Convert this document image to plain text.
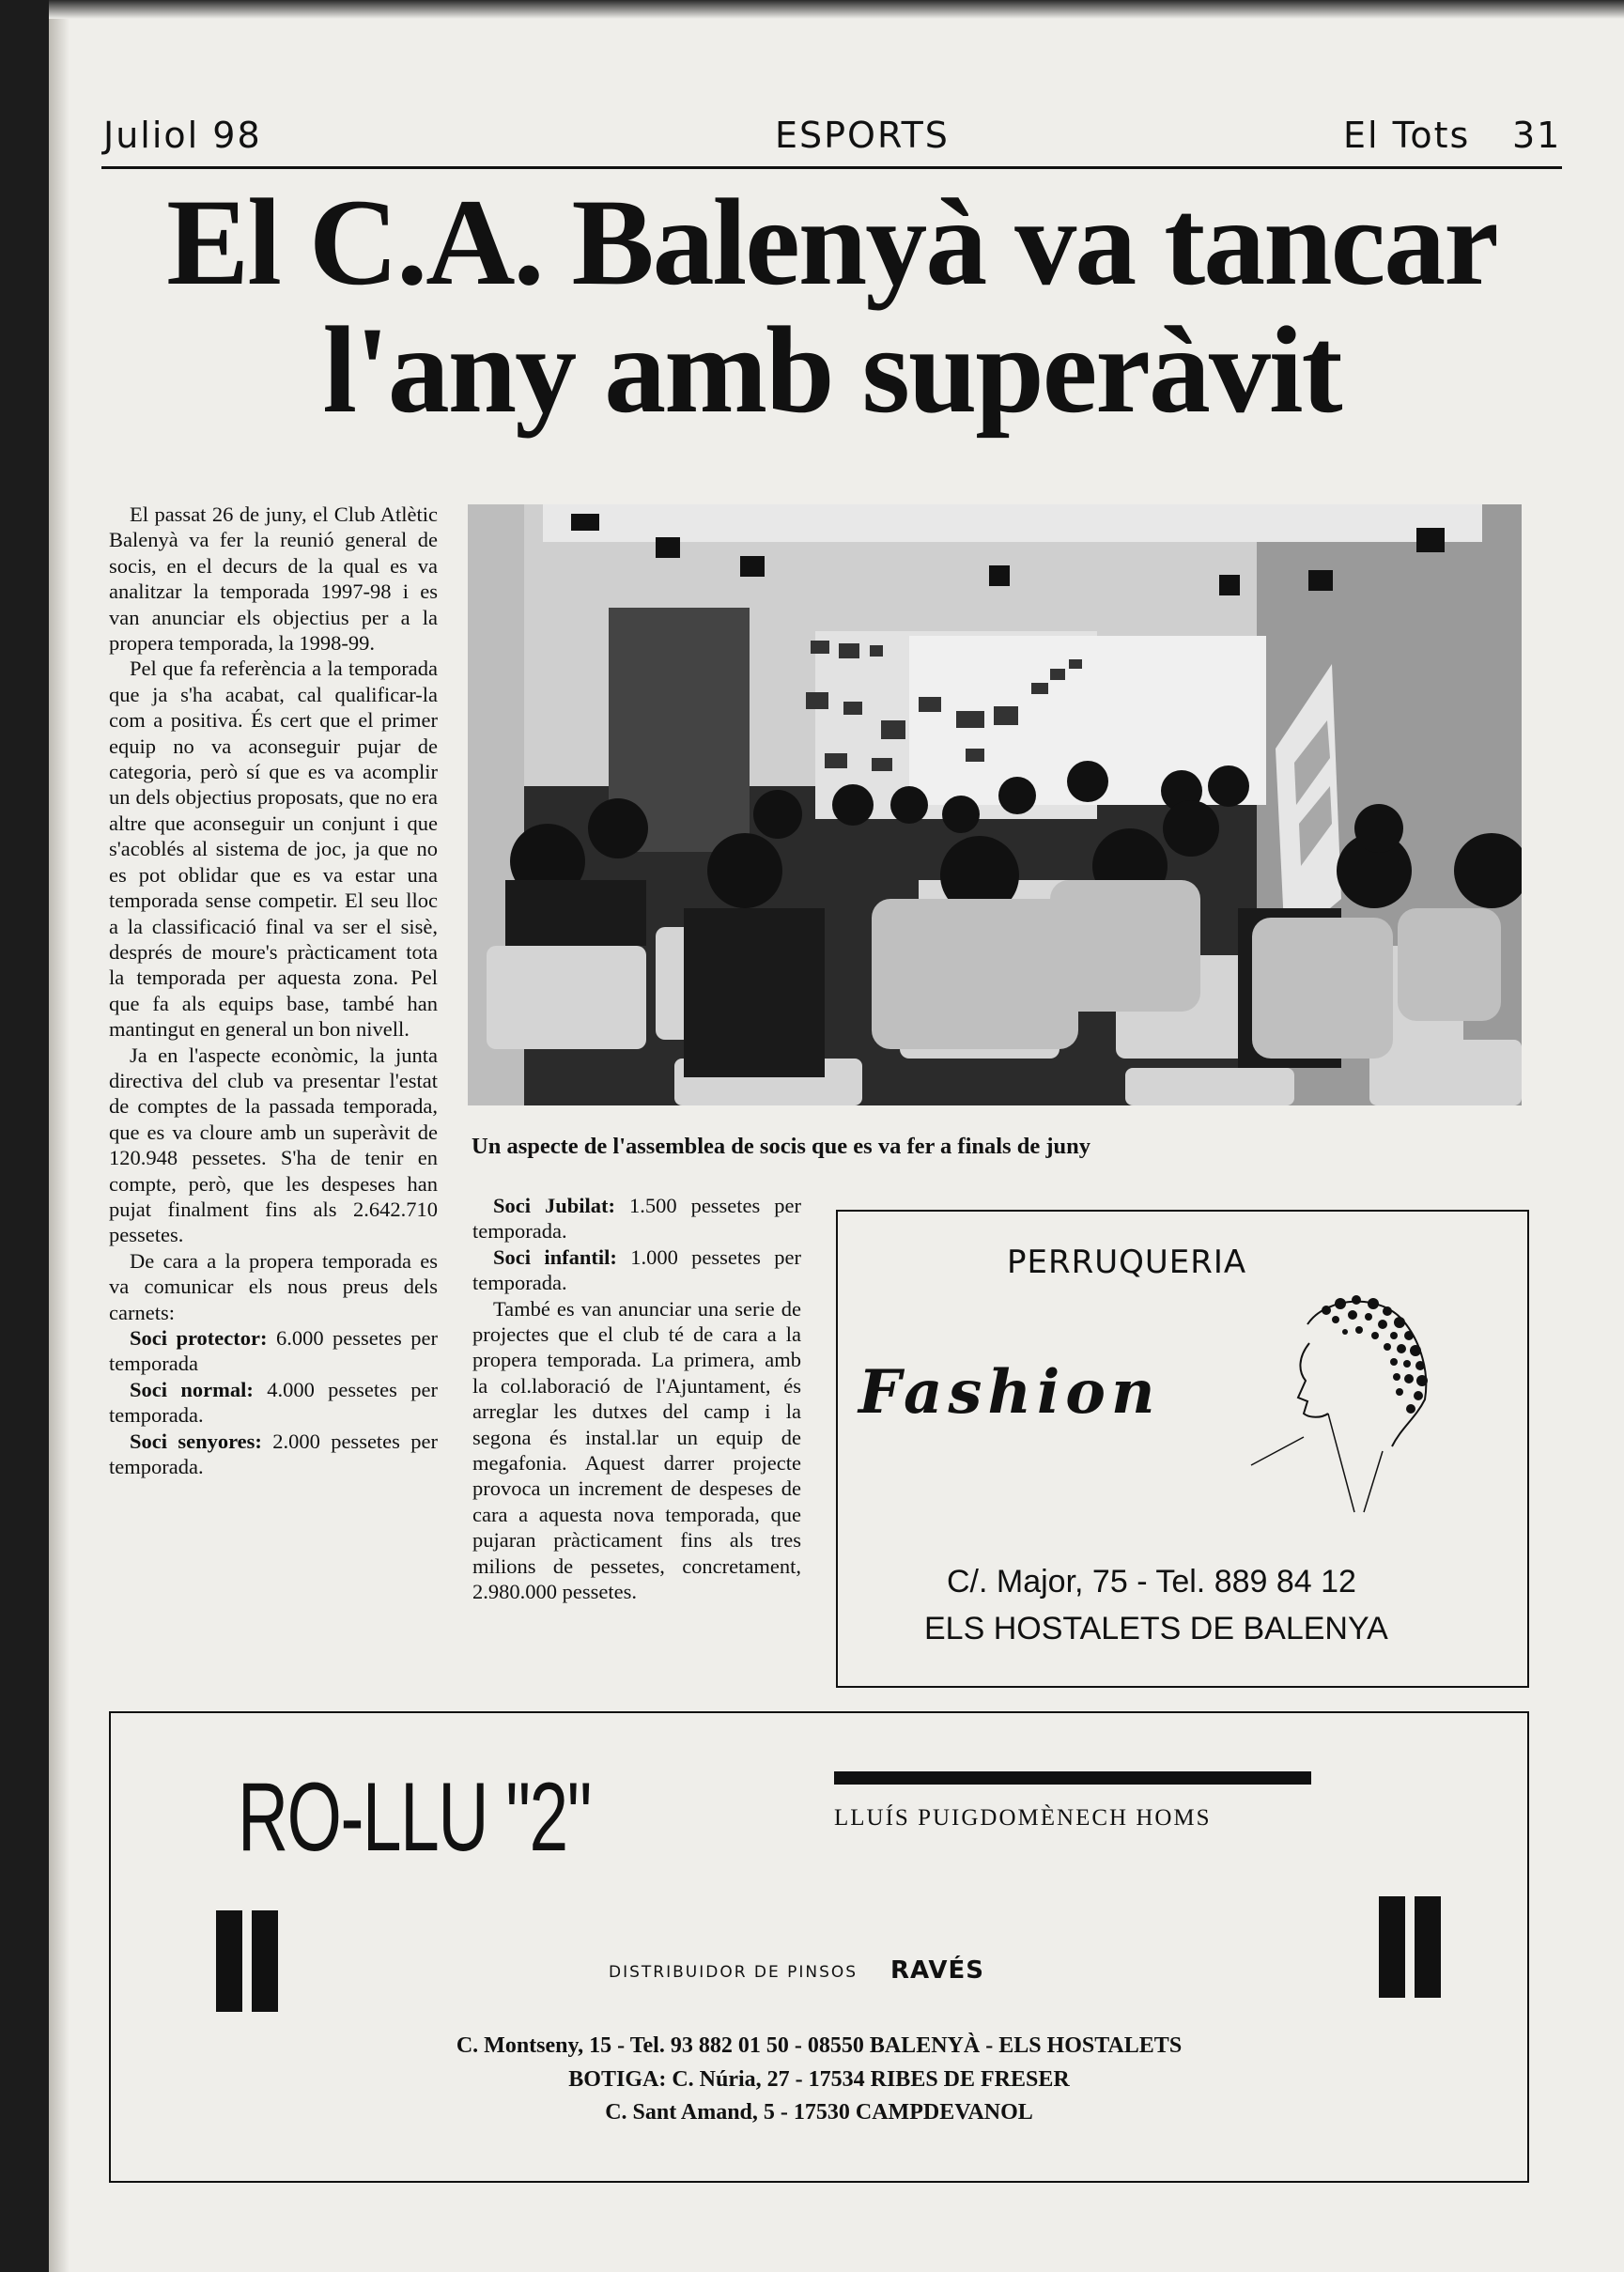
Juliol 98	ESPORTS	El Tots 31
El C.A. Balenyà va tancar
l'any amb superàvit

El passat 26 de juny, el Club Atlètic Balenyà va fer la reunió general de socis, en el decurs de la qual es va analitzar la temporada 1997-98 i es van anunciar els objectius per a la propera temporada, la 1998-99.

Pel que fa referència a la temporada que ja s'ha acabat, cal qualificar-la com a positiva. És cert que el primer equip no va aconseguir pujar de categoria, però sí que es va acomplir un dels objectius proposats, que no era altre que aconseguir un conjunt i que s'acoblés al sistema de joc, ja que no es pot oblidar que es va estar una temporada sense competir. El seu lloc a la classificació final va ser el sisè, després de moure's pràcticament tota la temporada per aquesta zona. Pel que fa als equips base, també han mantingut en general un bon nivell.

Ja en l'aspecte econòmic, la junta directiva del club va presentar l'estat de comptes de la passada temporada, que es va cloure amb un superàvit de 120.948 pessetes. S'ha de tenir en compte, però, que les despeses han pujat finalment fins als 2.642.710 pessetes.

De cara a la propera temporada es va comunicar els nous preus dels carnets:

Soci protector: 6.000 pessetes per temporada

Soci normal: 4.000 pessetes per temporada.

Soci senyores: 2.000 pessetes per temporada.

Un aspecte de l'assemblea de socis que es va fer a finals de juny

Soci Jubilat: 1.500 pessetes per temporada.

Soci infantil: 1.000 pessetes per temporada.

També es van anunciar una serie de projectes que el club té de cara a la propera temporada. La primera, amb la col.laboració de l'Ajuntament, és arreglar les dutxes del camp i la segona és instal.lar un equip de megafonia. Aquest darrer projecte provoca un increment de despeses de cara a aquesta nova temporada, que pujaran pràcticament fins als tres milions de pessetes, concretament, 2.980.000 pessetes.

PERRUQUERIA
Fashion
C/. Major, 75 - Tel. 889 84 12
ELS HOSTALETS DE BALENYA
RO-LLU "2"	LLUÍS PUIGDOMÈNECH HOMS
DISTRIBUIDOR DE PINSOS RAVÉS
C. Montseny, 15 - Tel. 93 882 01 50 - 08550 BALENYÀ - ELS HOSTALETS
BOTIGA: C. Núria, 27 - 17534 RIBES DE FRESER
C. Sant Amand, 5 - 17530 CAMPDEVANOL
